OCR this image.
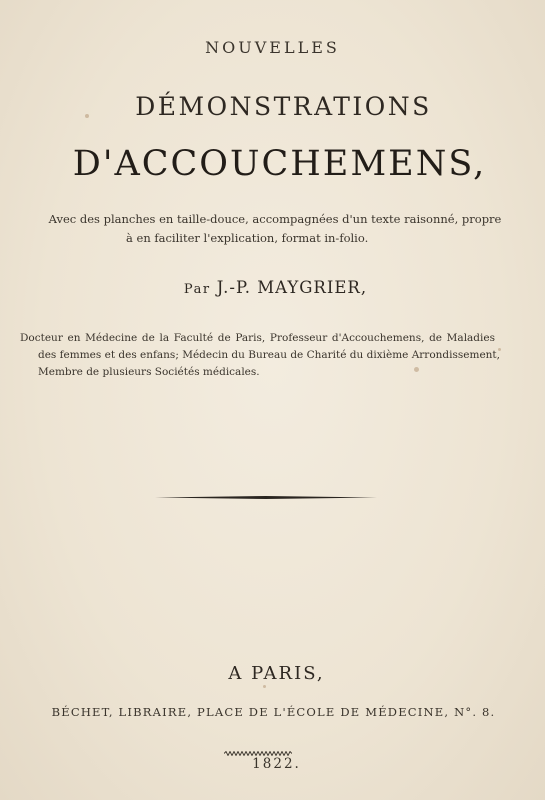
NOUVELLES
DÉMONSTRATIONS
D'ACCOUCHEMENS,
Avec des planches en taille-douce, accompagnées d'un texte raisonné, propre
à en faciliter l'explication, format in-folio.
Par J.-P. MAYGRIER,
Docteur en Médecine de la Faculté de Paris, Professeur d'Accouchemens, de Maladies
des femmes et des enfans; Médecin du Bureau de Charité du dixième Arrondissement,
Membre de plusieurs Sociétés médicales.
A PARIS,
BÉCHET, LIBRAIRE, PLACE DE L'ÉCOLE DE MÉDECINE, N°. 8.
1822.
